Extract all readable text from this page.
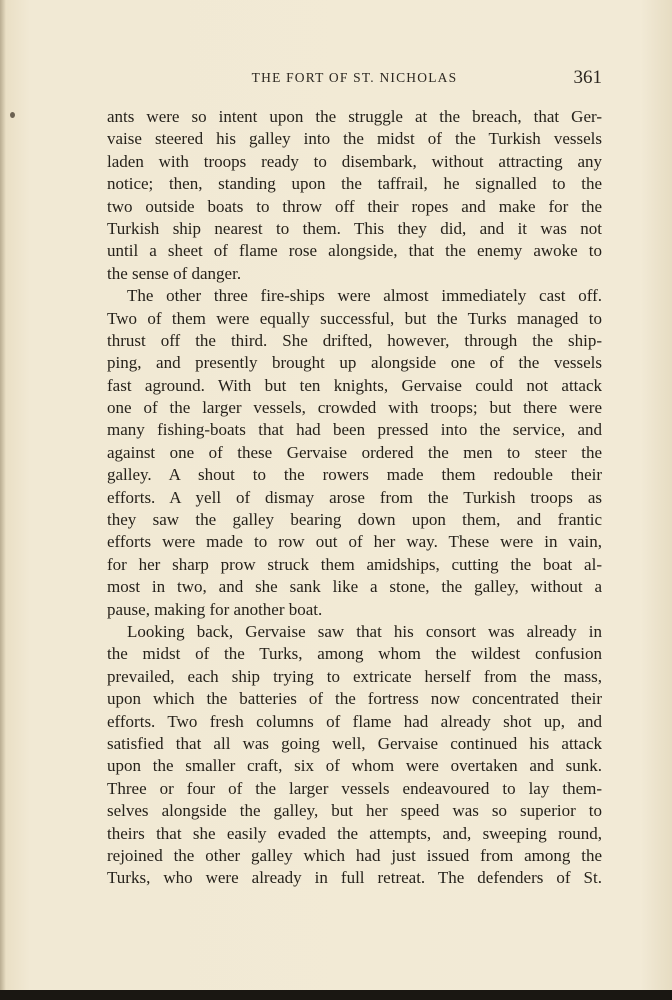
THE FORT OF ST. NICHOLAS	361
ants were so intent upon the struggle at the breach, that Ger-
vaise steered his galley into the midst of the Turkish vessels
laden with troops ready to disembark, without attracting any
notice; then, standing upon the taffrail, he signalled to the
two outside boats to throw off their ropes and make for the
Turkish ship nearest to them. This they did, and it was not
until a sheet of flame rose alongside, that the enemy awoke to
the sense of danger.
The other three fire-ships were almost immediately cast off.
Two of them were equally successful, but the Turks managed to
thrust off the third. She drifted, however, through the ship-
ping, and presently brought up alongside one of the vessels
fast aground. With but ten knights, Gervaise could not attack
one of the larger vessels, crowded with troops; but there were
many fishing-boats that had been pressed into the service, and
against one of these Gervaise ordered the men to steer the
galley. A shout to the rowers made them redouble their
efforts. A yell of dismay arose from the Turkish troops as
they saw the galley bearing down upon them, and frantic
efforts were made to row out of her way. These were in vain,
for her sharp prow struck them amidships, cutting the boat al-
most in two, and she sank like a stone, the galley, without a
pause, making for another boat.
Looking back, Gervaise saw that his consort was already in
the midst of the Turks, among whom the wildest confusion
prevailed, each ship trying to extricate herself from the mass,
upon which the batteries of the fortress now concentrated their
efforts. Two fresh columns of flame had already shot up, and
satisfied that all was going well, Gervaise continued his attack
upon the smaller craft, six of whom were overtaken and sunk.
Three or four of the larger vessels endeavoured to lay them-
selves alongside the galley, but her speed was so superior to
theirs that she easily evaded the attempts, and, sweeping round,
rejoined the other galley which had just issued from among the
Turks, who were already in full retreat. The defenders of St.
